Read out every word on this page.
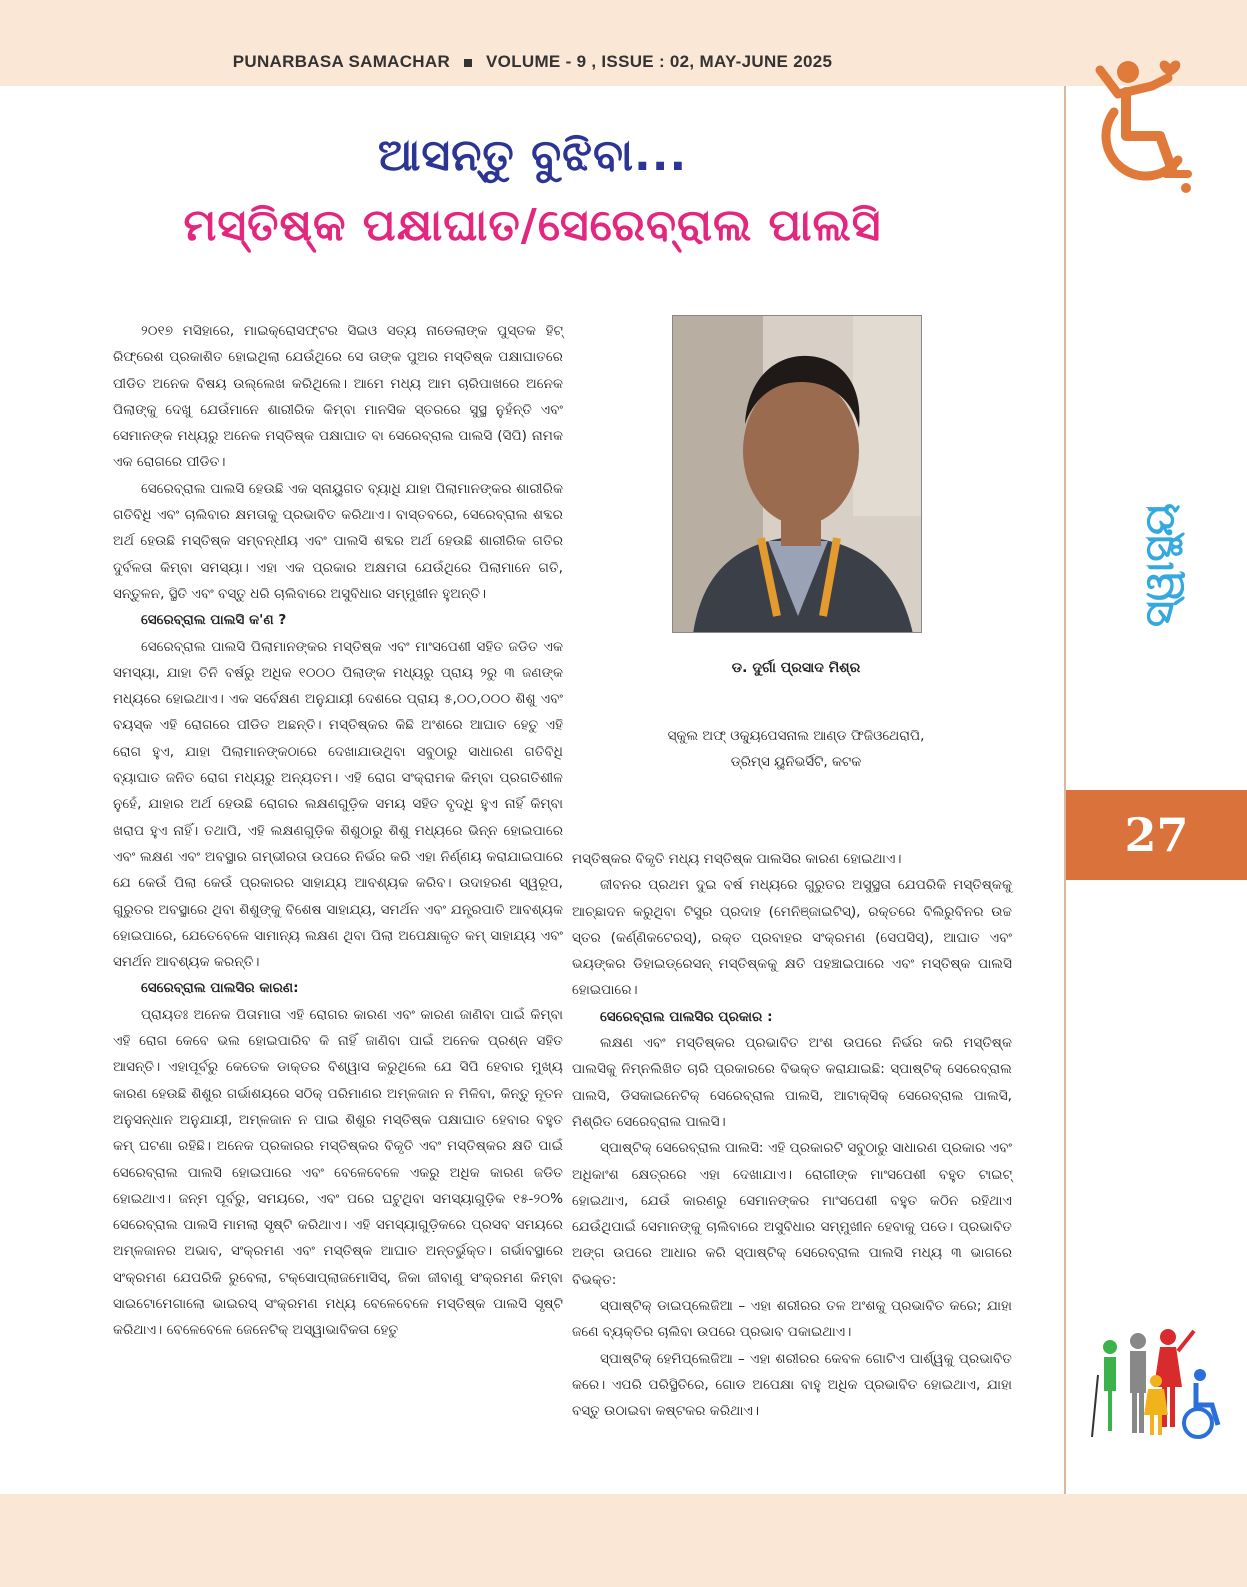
PUNARBASA SAMACHAR VOLUME - 9 , ISSUE : 02, MAY-JUNE 2025
ସ୍ୱାସ୍ଥ୍ୟ
27
ଆସନ୍ତୁ ବୁଝିବା...
ମସ୍ତିଷ୍କ ପକ୍ଷାଘାତ/ସେରେବ୍ରାଲ ପାଲସି

୨୦୧୭ ମସିହାରେ, ମାଇକ୍ରୋସଫ୍ଟର ସିଇଓ ସତ୍ୟ ନାଡେଲାଙ୍କ ପୁସ୍ତକ ହିଟ୍ ରିଫ୍ରେଶ ପ୍ରକାଶିତ ହୋଇଥିଲା ଯେଉଁଥିରେ ସେ ତାଙ୍କ ପୁଅର ମସ୍ତିଷ୍କ ପକ୍ଷାଘାତରେ ପୀଡିତ ଅନେକ ବିଷୟ ଉଲ୍ଲେଖ କରିଥିଲେ। ଆମେ ମଧ୍ୟ ଆମ ଚାରିପାଖରେ ଅନେକ ପିଲାଙ୍କୁ ଦେଖୁ ଯେଉଁମାନେ ଶାରୀରିକ କିମ୍ବା ମାନସିକ ସ୍ତରରେ ସୁସ୍ଥ ନୁହଁନ୍ତି ଏବଂ ସେମାନଙ୍କ ମଧ୍ୟରୁ ଅନେକ ମସ୍ତିଷ୍କ ପକ୍ଷାଘାତ ବା ସେରେବ୍ରାଲ ପାଲସି (ସିପି) ନାମକ ଏକ ରୋଗରେ ପୀଡିତ।

ସେରେବ୍ରାଲ ପାଲସି ହେଉଛି ଏକ ସ୍ନାୟୁଗତ ବ୍ୟାଧି ଯାହା ପିଲାମାନଙ୍କର ଶାରୀରିକ ଗତିବିଧି ଏବଂ ଚାଲିବାର କ୍ଷମତାକୁ ପ୍ରଭାବିତ କରିଥାଏ। ବାସ୍ତବରେ, ସେରେବ୍ରାଲ ଶବ୍ଦର ଅର୍ଥ ହେଉଛି ମସ୍ତିଷ୍କ ସମ୍ବନ୍ଧୀୟ ଏବଂ ପାଲସି ଶବ୍ଦର ଅର୍ଥ ହେଉଛି ଶାରୀରିକ ଗତିର ଦୁର୍ବଳତା କିମ୍ବା ସମସ୍ୟା। ଏହା ଏକ ପ୍ରକାର ଅକ୍ଷମତା ଯେଉଁଥିରେ ପିଲାମାନେ ଗତି, ସନ୍ତୁଳନ, ସ୍ଥିତି ଏବଂ ବସ୍ତୁ ଧରି ଚାଲିବାରେ ଅସୁବିଧାର ସମ୍ମୁଖୀନ ହୁଅନ୍ତି।

ସେରେବ୍ରାଲ ପାଲସି କ'ଣ ?

ସେରେବ୍ରାଲ ପାଲସି ପିଲାମାନଙ୍କର ମସ୍ତିଷ୍କ ଏବଂ ମାଂସପେଶୀ ସହିତ ଜଡିତ ଏକ ସମସ୍ୟା, ଯାହା ତିନି ବର୍ଷରୁ ଅଧିକ ୧୦୦୦ ପିଲାଙ୍କ ମଧ୍ୟରୁ ପ୍ରାୟ ୨ରୁ ୩ ଜଣଙ୍କ ମଧ୍ୟରେ ହୋଇଥାଏ। ଏକ ସର୍ବେକ୍ଷଣ ଅନୁଯାୟୀ ଦେଶରେ ପ୍ରାୟ ୫,୦୦,୦୦୦ ଶିଶୁ ଏବଂ ବୟସ୍କ ଏହି ରୋଗରେ ପୀଡିତ ଅଛନ୍ତି। ମସ୍ତିଷ୍କର କିଛି ଅଂଶରେ ଆଘାତ ହେତୁ ଏହି ରୋଗ ହୁଏ, ଯାହା ପିଲାମାନଙ୍କଠାରେ ଦେଖାଯାଉଥିବା ସବୁଠାରୁ ସାଧାରଣ ଗତିବିଧି ବ୍ୟାଘାତ ଜନିତ ରୋଗ ମଧ୍ୟରୁ ଅନ୍ୟତମ। ଏହି ରୋଗ ସଂକ୍ରାମକ କିମ୍ବା ପ୍ରଗତିଶୀଳ ନୁହେଁ, ଯାହାର ଅର୍ଥ ହେଉଛି ରୋଗର ଲକ୍ଷଣଗୁଡ଼ିକ ସମୟ ସହିତ ବୃଦ୍ଧି ହୁଏ ନାହିଁ କିମ୍ବା ଖରାପ ହୁଏ ନାହିଁ। ତଥାପି, ଏହି ଲକ୍ଷଣଗୁଡ଼ିକ ଶିଶୁଠାରୁ ଶିଶୁ ମଧ୍ୟରେ ଭିନ୍ନ ହୋଇପାରେ ଏବଂ ଲକ୍ଷଣ ଏବଂ ଅବସ୍ଥାର ଗମ୍ଭୀରତା ଉପରେ ନିର୍ଭର କରି ଏହା ନିର୍ଣ୍ଣୟ କରାଯାଇପାରେ ଯେ କେଉଁ ପିଲା କେଉଁ ପ୍ରକାରର ସାହାଯ୍ୟ ଆବଶ୍ୟକ କରିବ। ଉଦାହରଣ ସ୍ୱରୂପ, ଗୁରୁତର ଅବସ୍ଥାରେ ଥିବା ଶିଶୁଙ୍କୁ ବିଶେଷ ସାହାଯ୍ୟ, ସମର୍ଥନ ଏବଂ ଯନ୍ତ୍ରପାତି ଆବଶ୍ୟକ ହୋଇପାରେ, ଯେତେବେଳେ ସାମାନ୍ୟ ଲକ୍ଷଣ ଥିବା ପିଲା ଅପେକ୍ଷାକୃତ କମ୍ ସାହାଯ୍ୟ ଏବଂ ସମର୍ଥନ ଆବଶ୍ୟକ କରନ୍ତି।

ସେରେବ୍ରାଲ ପାଲସିର କାରଣ:

ପ୍ରାୟତଃ ଅନେକ ପିତାମାତା ଏହି ରୋଗର କାରଣ ଏବଂ କାରଣ ଜାଣିବା ପାଇଁ କିମ୍ବା ଏହି ରୋଗ କେବେ ଭଲ ହୋଇପାରିବ କି ନାହିଁ ଜାଣିବା ପାଇଁ ଅନେକ ପ୍ରଶ୍ନ ସହିତ ଆସନ୍ତି। ଏହାପୂର୍ବରୁ କେତେକ ଡାକ୍ତର ବିଶ୍ୱାସ କରୁଥିଲେ ଯେ ସିପି ହେବାର ମୁଖ୍ୟ କାରଣ ହେଉଛି ଶିଶୁର ଗର୍ଭାଶୟରେ ସଠିକ୍ ପରିମାଣର ଅମ୍ଳଜାନ ନ ମିଳିବା, କିନ୍ତୁ ନୂତନ ଅନୁସନ୍ଧାନ ଅନୁଯାୟୀ, ଅମ୍ଳଜାନ ନ ପାଇ ଶିଶୁର ମସ୍ତିଷ୍କ ପକ୍ଷାଘାତ ହେବାର ବହୁତ କମ୍ ଘଟଣା ରହିଛି। ଅନେକ ପ୍ରକାରର ମସ୍ତିଷ୍କର ବିକୃତି ଏବଂ ମସ୍ତିଷ୍କର କ୍ଷତି ପାଇଁ ସେରେବ୍ରାଲ ପାଲସି ହୋଇପାରେ ଏବଂ ବେଳେବେଳେ ଏକରୁ ଅଧିକ କାରଣ ଜଡିତ ହୋଇଥାଏ। ଜନ୍ମ ପୂର୍ବରୁ, ସମୟରେ, ଏବଂ ପରେ ଘଟୁଥିବା ସମସ୍ୟାଗୁଡ଼ିକ ୧୫-୨୦% ସେରେବ୍ରାଲ ପାଲସି ମାମଲା ସୃଷ୍ଟି କରିଥାଏ। ଏହି ସମସ୍ୟାଗୁଡ଼ିକରେ ପ୍ରସବ ସମୟରେ ଅମ୍ଳଜାନର ଅଭାବ, ସଂକ୍ରମଣ ଏବଂ ମସ୍ତିଷ୍କ ଆଘାତ ଅନ୍ତର୍ଭୁକ୍ତ। ଗର୍ଭାବସ୍ଥାରେ ସଂକ୍ରମଣ ଯେପରିକି ରୁବେଲା, ଟକ୍ସୋପ୍ଲାଜମୋସିସ୍, ଜିକା ଜୀବାଣୁ ସଂକ୍ରମଣ କିମ୍ବା ସାଇଟୋମେଗାଲୋ ଭାଇରସ୍ ସଂକ୍ରମଣ ମଧ୍ୟ ବେଳେବେଳେ ମସ୍ତିଷ୍କ ପାଲସି ସୃଷ୍ଟି କରିଥାଏ। ବେଳେବେଳେ ଜେନେଟିକ୍ ଅସ୍ୱାଭାବିକତା ହେତୁ

ଡ. ଦୁର୍ଗା ପ୍ରସାଦ ମିଶ୍ର
ସ୍କୁଲ ଅଫ୍ ଓକ୍ୟୁପେସନାଲ ଆଣ୍ଡ ଫିଜିଓଥେରାପି,
ଡ୍ରିମ୍ସ ୟୁନିଭର୍ସିଟି, କଟକ

ମସ୍ତିଷ୍କର ବିକୃତି ମଧ୍ୟ ମସ୍ତିଷ୍କ ପାଲସିର କାରଣ ହୋଇଥାଏ।

ଜୀବନର ପ୍ରଥମ ଦୁଇ ବର୍ଷ ମଧ୍ୟରେ ଗୁରୁତର ଅସୁସ୍ଥତା ଯେପରିକି ମସ୍ତିଷ୍କକୁ ଆଚ୍ଛାଦନ କରୁଥିବା ଟିସୁର ପ୍ରଦାହ (ମେନିଞ୍ଜାଇଟିସ୍), ରକ୍ତରେ ବିଲିରୁବିନର ଉଚ୍ଚ ସ୍ତର (କର୍ଣ୍ଣିକଟେରସ୍), ରକ୍ତ ପ୍ରବାହର ସଂକ୍ରମଣ (ସେପସିସ୍), ଆଘାତ ଏବଂ ଭୟଙ୍କର ଡିହାଇଡ୍ରେସନ୍ ମସ୍ତିଷ୍କକୁ କ୍ଷତି ପହଞ୍ଚାଇପାରେ ଏବଂ ମସ୍ତିଷ୍କ ପାଲସି ହୋଇପାରେ।

ସେରେବ୍ରାଲ ପାଲସିର ପ୍ରକାର :

ଲକ୍ଷଣ ଏବଂ ମସ୍ତିଷ୍କର ପ୍ରଭାବିତ ଅଂଶ ଉପରେ ନିର୍ଭର କରି ମସ୍ତିଷ୍କ ପାଲସିକୁ ନିମ୍ନଲିଖିତ ଚାରି ପ୍ରକାରରେ ବିଭକ୍ତ କରାଯାଇଛି: ସ୍ପାଷ୍ଟିକ୍ ସେରେବ୍ରାଲ ପାଲସି, ଡିସକାଇନେଟିକ୍ ସେରେବ୍ରାଲ ପାଲସି, ଆଟାକ୍ସିକ୍ ସେରେବ୍ରାଲ ପାଲସି, ମିଶ୍ରିତ ସେରେବ୍ରାଲ ପାଲସି।

ସ୍ପାଷ୍ଟିକ୍ ସେରେବ୍ରାଲ ପାଲସି: ଏହି ପ୍ରକାରଟି ସବୁଠାରୁ ସାଧାରଣ ପ୍ରକାର ଏବଂ ଅଧିକାଂଶ କ୍ଷେତ୍ରରେ ଏହା ଦେଖାଯାଏ। ରୋଗୀଙ୍କ ମାଂସପେଶୀ ବହୁତ ଟାଇଟ୍ ହୋଇଥାଏ, ଯେଉଁ କାରଣରୁ ସେମାନଙ୍କର ମାଂସପେଶୀ ବହୁତ କଠିନ ରହିଥାଏ ଯେଉଁଥିପାଇଁ ସେମାନଙ୍କୁ ଚାଲିବାରେ ଅସୁବିଧାର ସମ୍ମୁଖୀନ ହେବାକୁ ପଡେ। ପ୍ରଭାବିତ ଅଙ୍ଗ ଉପରେ ଆଧାର କରି ସ୍ପାଷ୍ଟିକ୍ ସେରେବ୍ରାଲ ପାଲସି ମଧ୍ୟ ୩ ଭାଗରେ ବିଭକ୍ତ:

ସ୍ପାଷ୍ଟିକ୍ ଡାଇପ୍ଲେଜିଆ – ଏହା ଶରୀରର ତଳ ଅଂଶକୁ ପ୍ରଭାବିତ କରେ; ଯାହା ଜଣେ ବ୍ୟକ୍ତିର ଚାଲିବା ଉପରେ ପ୍ରଭାବ ପକାଇଥାଏ।

ସ୍ପାଷ୍ଟିକ୍ ହେମିପ୍ଲେଜିଆ – ଏହା ଶରୀରର କେବଳ ଗୋଟିଏ ପାର୍ଶ୍ୱକୁ ପ୍ରଭାବିତ କରେ। ଏପରି ପରିସ୍ଥିତିରେ, ଗୋଡ ଅପେକ୍ଷା ବାହୁ ଅଧିକ ପ୍ରଭାବିତ ହୋଇଥାଏ, ଯାହା ବସ୍ତୁ ଉଠାଇବା କଷ୍ଟକର କରିଥାଏ।
